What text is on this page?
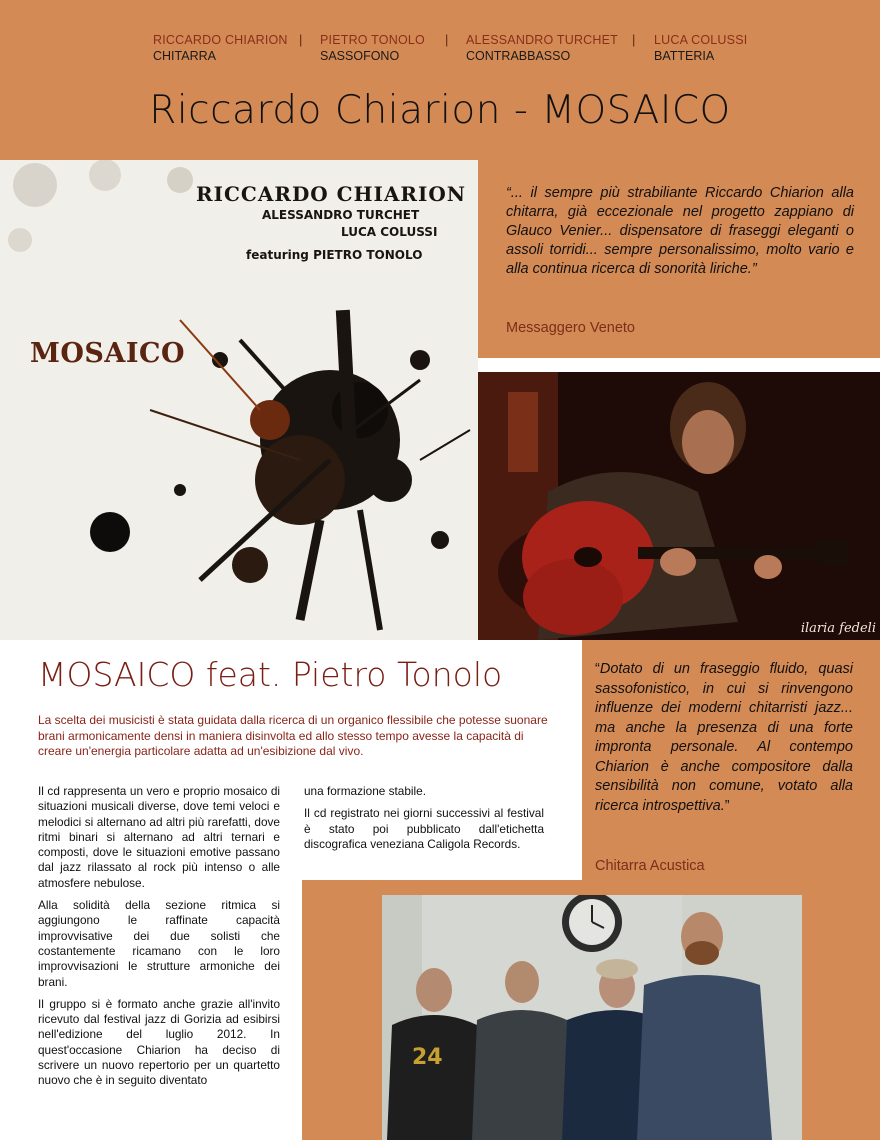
RICCARDO CHIARION
CHITARRA
| PIETRO TONOLO
SASSOFONO
| ALESSANDRO TURCHET
CONTRABBASSO
| LUCA COLUSSI
BATTERIA
Riccardo Chiarion - MOSAICO
RICCARDO CHIARION
ALESSANDRO TURCHET
LUCA COLUSSI
featuring PIETRO TONOLO
MOSAICO
“... il sempre più strabiliante Riccardo Chiarion alla chitarra, già eccezionale nel progetto zappiano di Glauco Venier... dispensatore di fraseggi eleganti o assoli torridi... sempre personalissimo, molto vario e alla continua ricerca di sonorità liriche.”
Messaggero Veneto
ilaria fedeli
MOSAICO feat. Pietro Tonolo
La scelta dei musicisti è stata guidata dalla ricerca di un organico flessibile che potesse suonare brani armonicamente densi in maniera disinvolta ed allo stesso tempo avesse la capacità di creare un'energia particolare adatta ad un'esibizione dal vivo.

Il cd rappresenta un vero e proprio mosaico di situazioni musicali diverse, dove temi veloci e melodici si alternano ad altri più rarefatti, dove ritmi binari si alternano ad altri ternari e composti, dove le situazioni emotive passano dal jazz rilassato al rock più intenso o alle atmosfere nebulose.

Alla solidità della sezione ritmica si aggiungono le raffinate capacità improvvisative dei due solisti che costantemente ricamano con le loro improvvisazioni le strutture armoniche dei brani.

Il gruppo si è formato anche grazie all'invito ricevuto dal festival jazz di Gorizia ad esibirsi nell'edizione del luglio 2012. In quest'occasione Chiarion ha deciso di scrivere un nuovo repertorio per un quartetto nuovo che è in seguito diventato

una formazione stabile.

Il cd registrato nei giorni successivi al festival è stato poi pubblicato dall'etichetta discografica veneziana Caligola Records.

“Dotato di un fraseggio fluido, quasi sassofonistico, in cui si rinvengono influenze dei moderni chitarristi jazz... ma anche la presenza di una forte impronta personale. Al contempo Chiarion è anche compositore dalla sensibilità non comune, votato alla ricerca introspettiva.”
Chitarra Acustica
24
